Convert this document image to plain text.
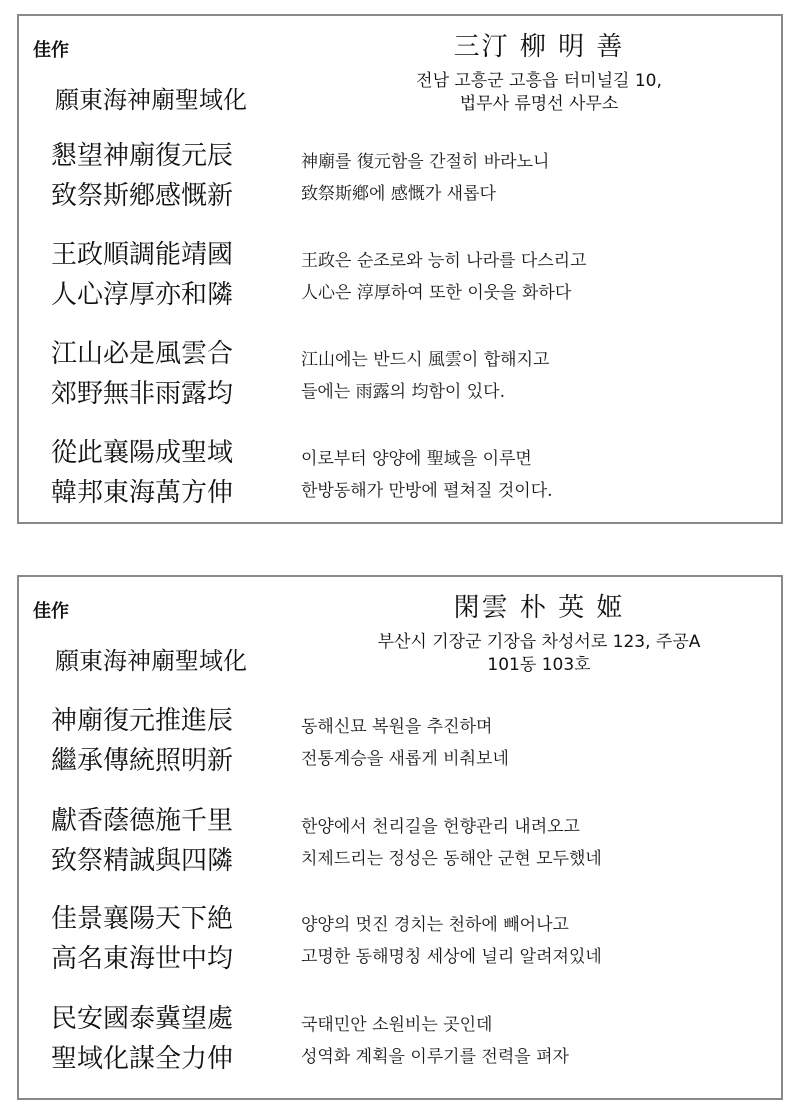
佳作	三汀 柳 明 善
전남 고흥군 고흥읍 터미널길 10,
법무사 류명선 사무소
願東海神廟聖域化
懇望神廟復元辰
致祭斯鄕感慨新
神廟를 復元함을 간절히 바라노니
致祭斯鄕에 感慨가 새롭다
王政順調能靖國
人心淳厚亦和隣
王政은 순조로와 능히 나라를 다스리고
人心은 淳厚하여 또한 이웃을 화하다
江山必是風雲合
郊野無非雨露均
江山에는 반드시 風雲이 합해지고
들에는 雨露의 均함이 있다.
從此襄陽成聖域
韓邦東海萬方伸
이로부터 양양에 聖域을 이루면
한방동해가 만방에 펼쳐질 것이다.
佳作	閑雲 朴 英 姬
부산시 기장군 기장읍 차성서로 123, 주공A
101동 103호
願東海神廟聖域化
神廟復元推進辰
繼承傳統照明新
동해신묘 복원을 추진하며
전통계승을 새롭게 비춰보네
獻香蔭德施千里
致祭精誠與四隣
한양에서 천리길을 헌향관리 내려오고
치제드리는 정성은 동해안 군현 모두했네
佳景襄陽天下絶
高名東海世中均
양양의 멋진 경치는 천하에 빼어나고
고명한 동해명칭 세상에 널리 알려져있네
民安國泰冀望處
聖域化謀全力伸
국태민안 소원비는 곳인데
성역화 계획을 이루기를 전력을 펴자
